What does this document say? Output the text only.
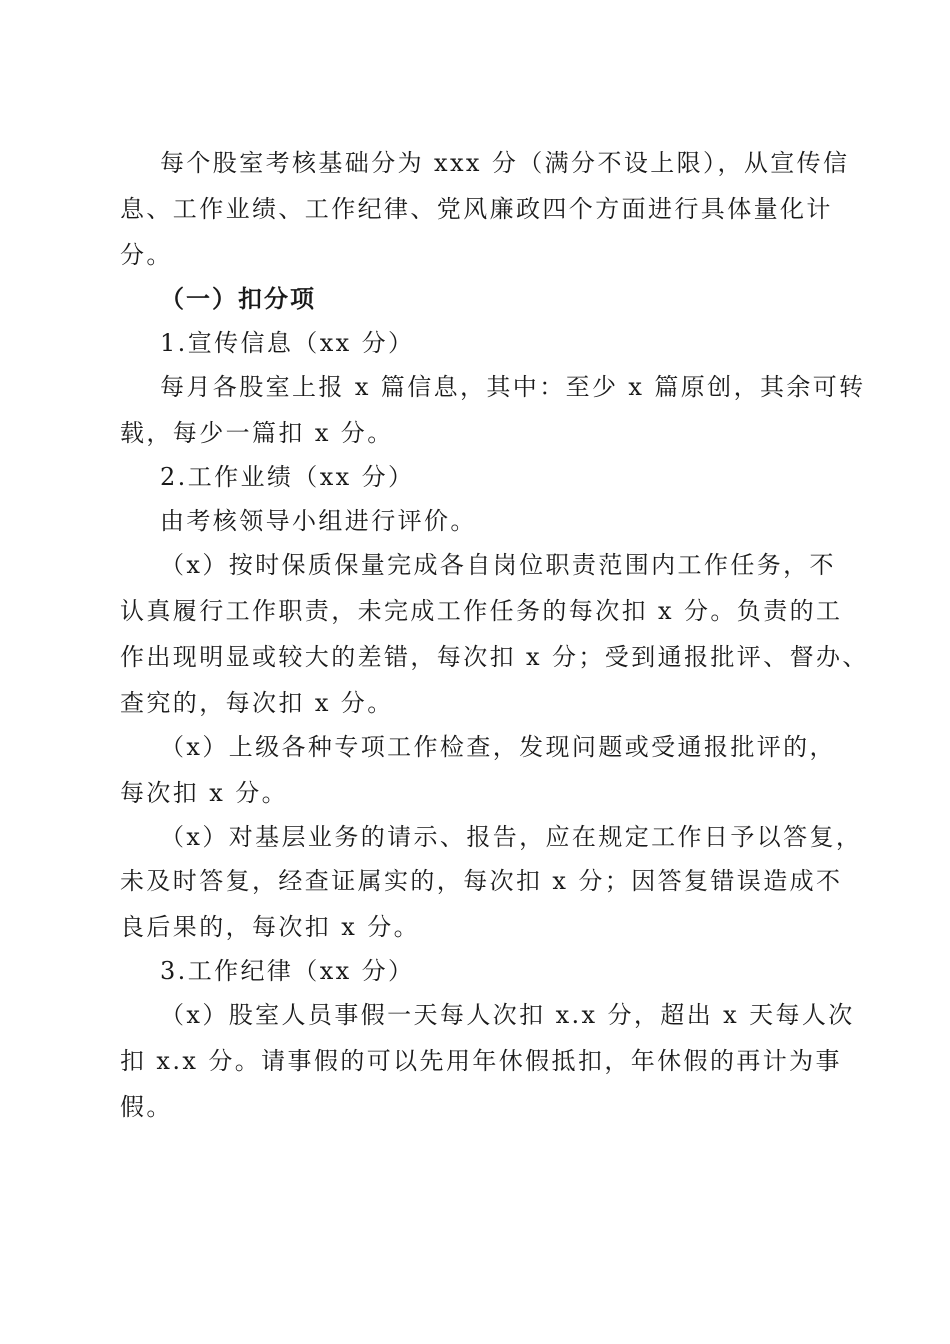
每个股室考核基础分为 xxx 分（满分不设上限），从宣传信
息、工作业绩、工作纪律、党风廉政四个方面进行具体量化计
分。
（一）扣分项
1.宣传信息（xx 分）
每月各股室上报 x 篇信息，其中：至少 x 篇原创，其余可转
载，每少一篇扣 x 分。
2.工作业绩（xx 分）
由考核领导小组进行评价。
（x）按时保质保量完成各自岗位职责范围内工作任务，不
认真履行工作职责，未完成工作任务的每次扣 x 分。负责的工
作出现明显或较大的差错，每次扣 x 分；受到通报批评、督办、
查究的，每次扣 x 分。
（x）上级各种专项工作检查，发现问题或受通报批评的，
每次扣 x 分。
（x）对基层业务的请示、报告，应在规定工作日予以答复，
未及时答复，经查证属实的，每次扣 x 分；因答复错误造成不
良后果的，每次扣 x 分。
3.工作纪律（xx 分）
（x）股室人员事假一天每人次扣 x.x 分，超出 x 天每人次
扣 x.x 分。请事假的可以先用年休假抵扣，年休假的再计为事
假。
